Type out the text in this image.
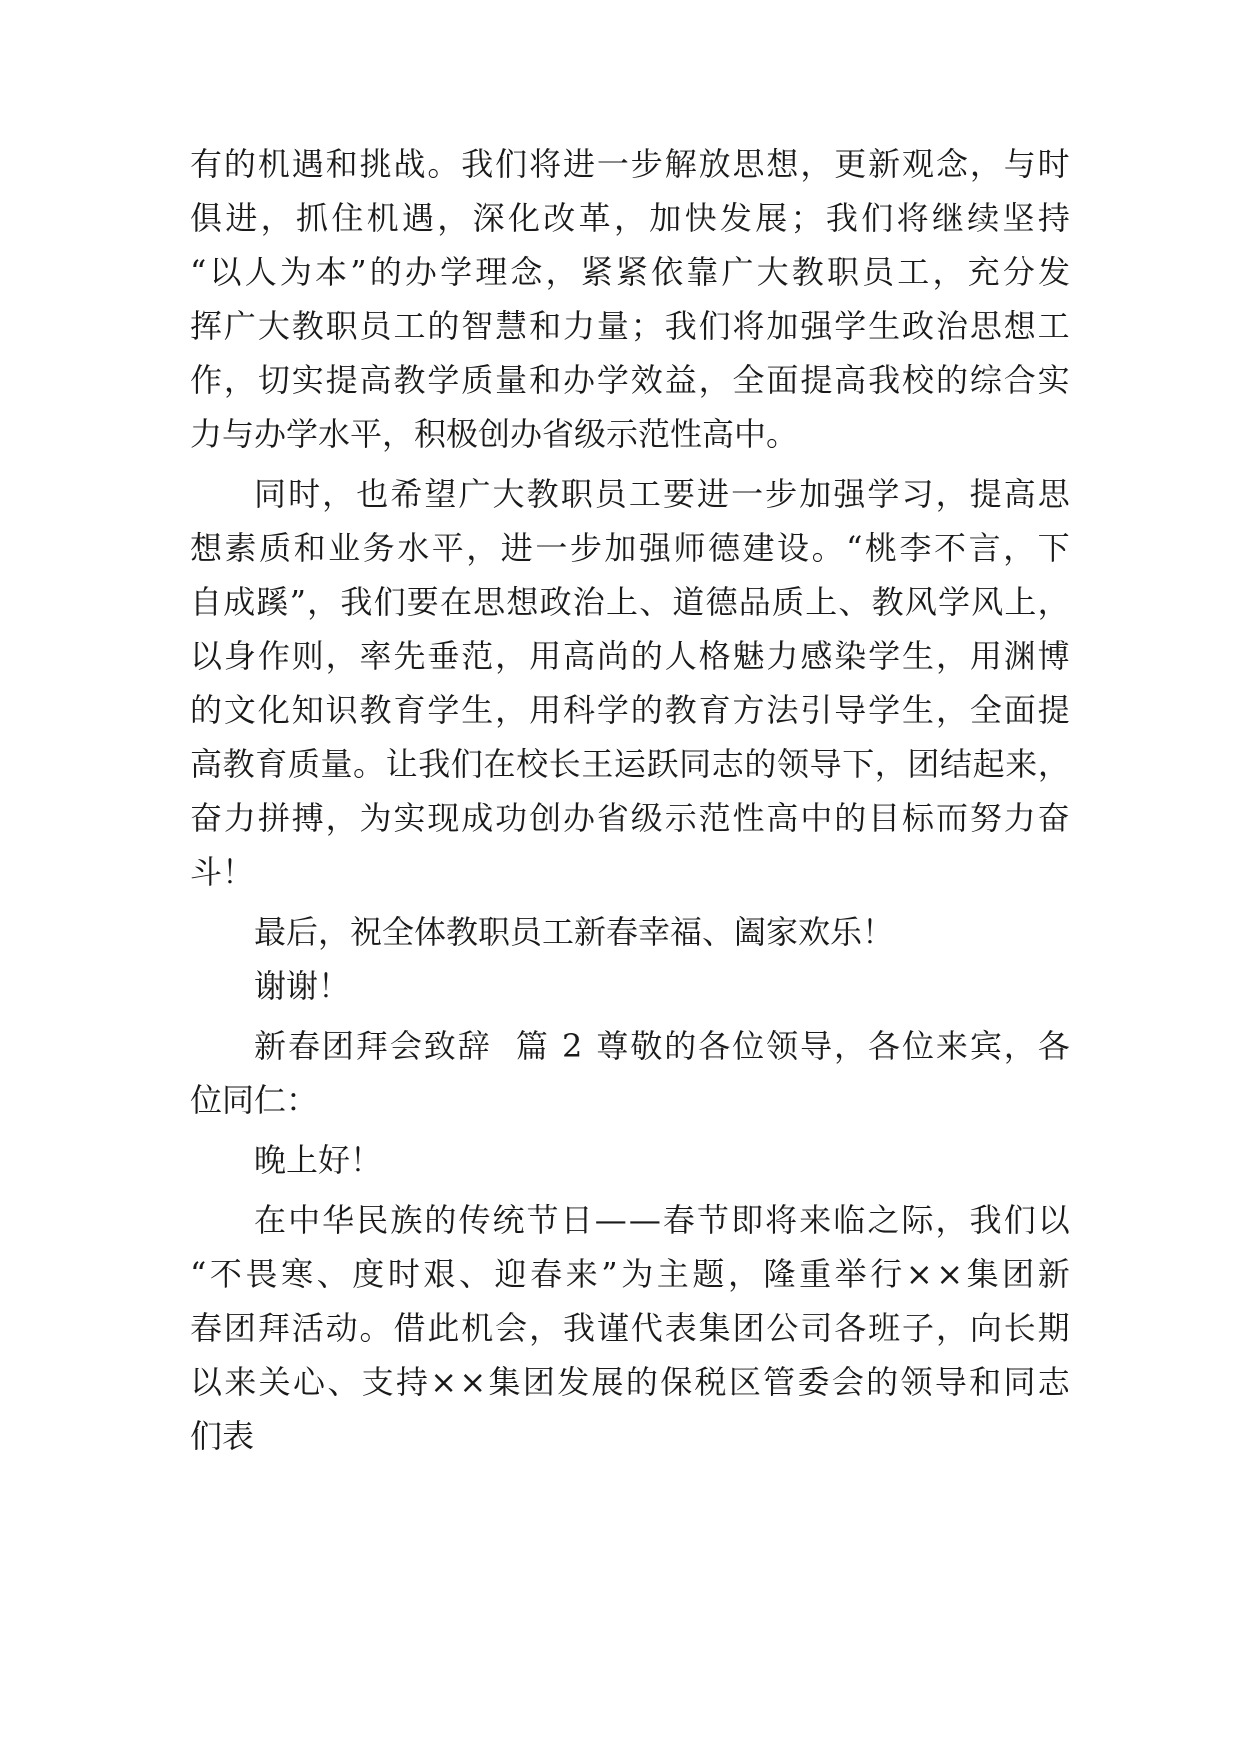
有 的 机 遇 和 挑 战 。 我 们 将 进 一 步 解 放 思 想 ， 更 新 观 念 ， 与 时
俱 进 ， 抓 住 机 遇 ， 深 化 改 革 ， 加 快 发 展 ； 我 们 将 继 续 坚 持
“ 以 人 为 本 ” 的 办 学 理 念 ， 紧 紧 依 靠 广 大 教 职 员 工 ， 充 分 发
挥 广 大 教 职 员 工 的 智 慧 和 力 量 ； 我 们 将 加 强 学 生 政 治 思 想 工
作 ， 切 实 提 高 教 学 质 量 和 办 学 效 益 ， 全 面 提 高 我 校 的 综 合 实
力与办学水平，积极创办省级示范性高中。
同 时 ， 也 希 望 广 大 教 职 员 工 要 进 一 步 加 强 学 习 ， 提 高 思
想 素 质 和 业 务 水 平 ， 进 一 步 加 强 师 德 建 设 。 “ 桃 李 不 言 ， 下
自 成 蹊 ” ， 我 们 要 在 思 想 政 治 上 、 道 德 品 质 上 、 教 风 学 风 上 ，
以 身 作 则 ， 率 先 垂 范 ， 用 高 尚 的 人 格 魅 力 感 染 学 生 ， 用 渊 博
的 文 化 知 识 教 育 学 生 ， 用 科 学 的 教 育 方 法 引 导 学 生 ， 全 面 提
高 教 育 质 量 。 让 我 们 在 校 长 王 运 跃 同 志 的 领 导 下 ， 团 结 起 来 ，
奋 力 拼 搏 ， 为 实 现 成 功 创 办 省 级 示 范 性 高 中 的 目 标 而 努 力 奋
斗！
最后，祝全体教职员工新春幸福、阖家欢乐！
谢谢！
新 春 团 拜 会 致 辞

篇
2
尊 敬 的 各 位 领 导 ， 各 位 来 宾 ， 各
位同仁：
晚上好！
在 中 华 民 族 的 传 统 节 日 — — 春 节 即 将 来 临 之 际 ， 我 们 以
“ 不 畏 寒 、 度 时 艰 、 迎 春 来 ” 为 主 题 ， 隆 重 举 行 × × 集 团 新
春 团 拜 活 动 。 借 此 机 会 ， 我 谨 代 表 集 团 公 司 各 班 子 ， 向 长 期
以 来 关 心 、 支 持 × × 集 团 发 展 的 保 税 区 管 委 会 的 领 导 和 同 志
们表
